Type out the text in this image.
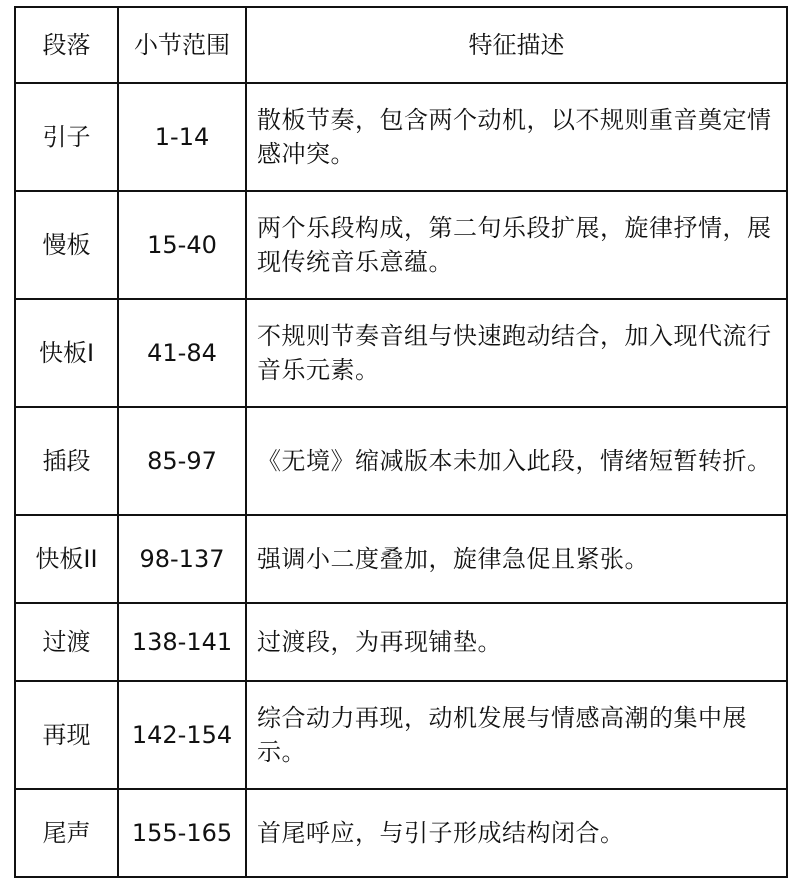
段落	小节范围	特征描述
引子	1-14	散板节奏，包含两个动机，以不规则重音奠定情感冲突。
慢板	15-40	两个乐段构成，第二句乐段扩展，旋律抒情，展现传统音乐意蕴。
快板I	41-84	不规则节奏音组与快速跑动结合，加入现代流行音乐元素。
插段	85-97	《无境》缩减版本未加入此段，情绪短暂转折。
快板II	98-137	强调小二度叠加，旋律急促且紧张。
过渡	138-141	过渡段，为再现铺垫。
再现	142-154	综合动力再现，动机发展与情感高潮的集中展示。
尾声	155-165	首尾呼应，与引子形成结构闭合。
